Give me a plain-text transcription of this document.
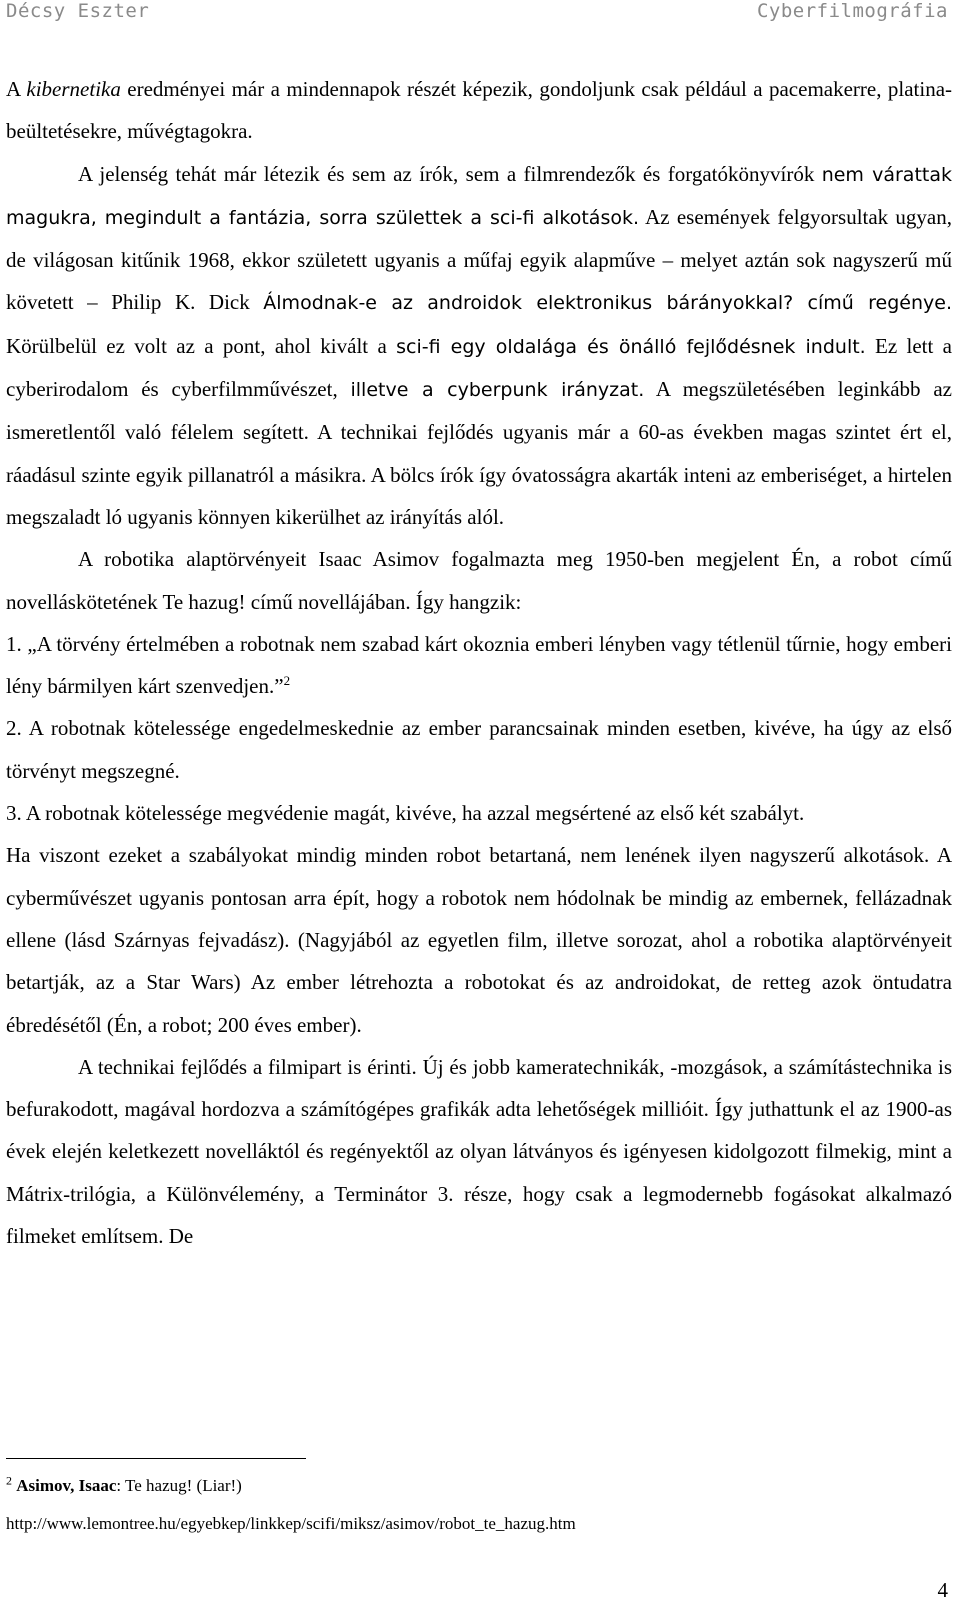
Décsy Eszter	Cyberfilmográfia

A kibernetika eredményei már a mindennapok részét képezik, gondoljunk csak például a pacemakerre, platina-beültetésekre, művégtagokra.

A jelenség tehát már létezik és sem az írók, sem a filmrendezők és forgatókönyvírók nem várattak magukra, megindult a fantázia, sorra születtek a sci-fi alkotások. Az események felgyorsultak ugyan, de világosan kitűnik 1968, ekkor született ugyanis a műfaj egyik alapműve – melyet aztán sok nagyszerű mű követett – Philip K. Dick Álmodnak-e az androidok elektronikus bárányokkal? című regénye. Körülbelül ez volt az a pont, ahol kivált a sci-fi egy oldalága és önálló fejlődésnek indult. Ez lett a cyberirodalom és cyberfilmművészet, illetve a cyberpunk irányzat. A megszületésében leginkább az ismeretlentől való félelem segített. A technikai fejlődés ugyanis már a 60-as években magas szintet ért el, ráadásul szinte egyik pillanatról a másikra. A bölcs írók így óvatosságra akarták inteni az emberiséget, a hirtelen megszaladt ló ugyanis könnyen kikerülhet az irányítás alól.

A robotika alaptörvényeit Isaac Asimov fogalmazta meg 1950-ben megjelent Én, a robot című novelláskötetének Te hazug! című novellájában. Így hangzik:

1. „A törvény értelmében a robotnak nem szabad kárt okoznia emberi lényben vagy tétlenül tűrnie, hogy emberi lény bármilyen kárt szenvedjen.”$^2$

2. A robotnak kötelessége engedelmeskednie az ember parancsainak minden esetben, kivéve, ha úgy az első törvényt megszegné.

3. A robotnak kötelessége megvédenie magát, kivéve, ha azzal megsértené az első két szabályt.

Ha viszont ezeket a szabályokat mindig minden robot betartaná, nem lenének ilyen nagyszerű alkotások. A cyberművészet ugyanis pontosan arra épít, hogy a robotok nem hódolnak be mindig az embernek, fellázadnak ellene (lásd Szárnyas fejvadász). (Nagyjából az egyetlen film, illetve sorozat, ahol a robotika alaptörvényeit betartják, az a Star Wars) Az ember létrehozta a robotokat és az androidokat, de retteg azok öntudatra ébredésétől (Én, a robot; 200 éves ember).

A technikai fejlődés a filmipart is érinti. Új és jobb kameratechnikák, -mozgások, a számítástechnika is befurakodott, magával hordozva a számítógépes grafikák adta lehetőségek millióit. Így juthattunk el az 1900-as évek elején keletkezett novelláktól és regényektől az olyan látványos és igényesen kidolgozott filmekig, mint a Mátrix-trilógia, a Különvélemény, a Terminátor 3. része, hogy csak a legmodernebb fogásokat alkalmazó filmeket említsem. De

$^2$ Asimov, Isaac: Te hazug! (Liar!)
http://www.lemontree.hu/egyebkep/linkkep/scifi/miksz/asimov/robot_te_hazug.htm
4
